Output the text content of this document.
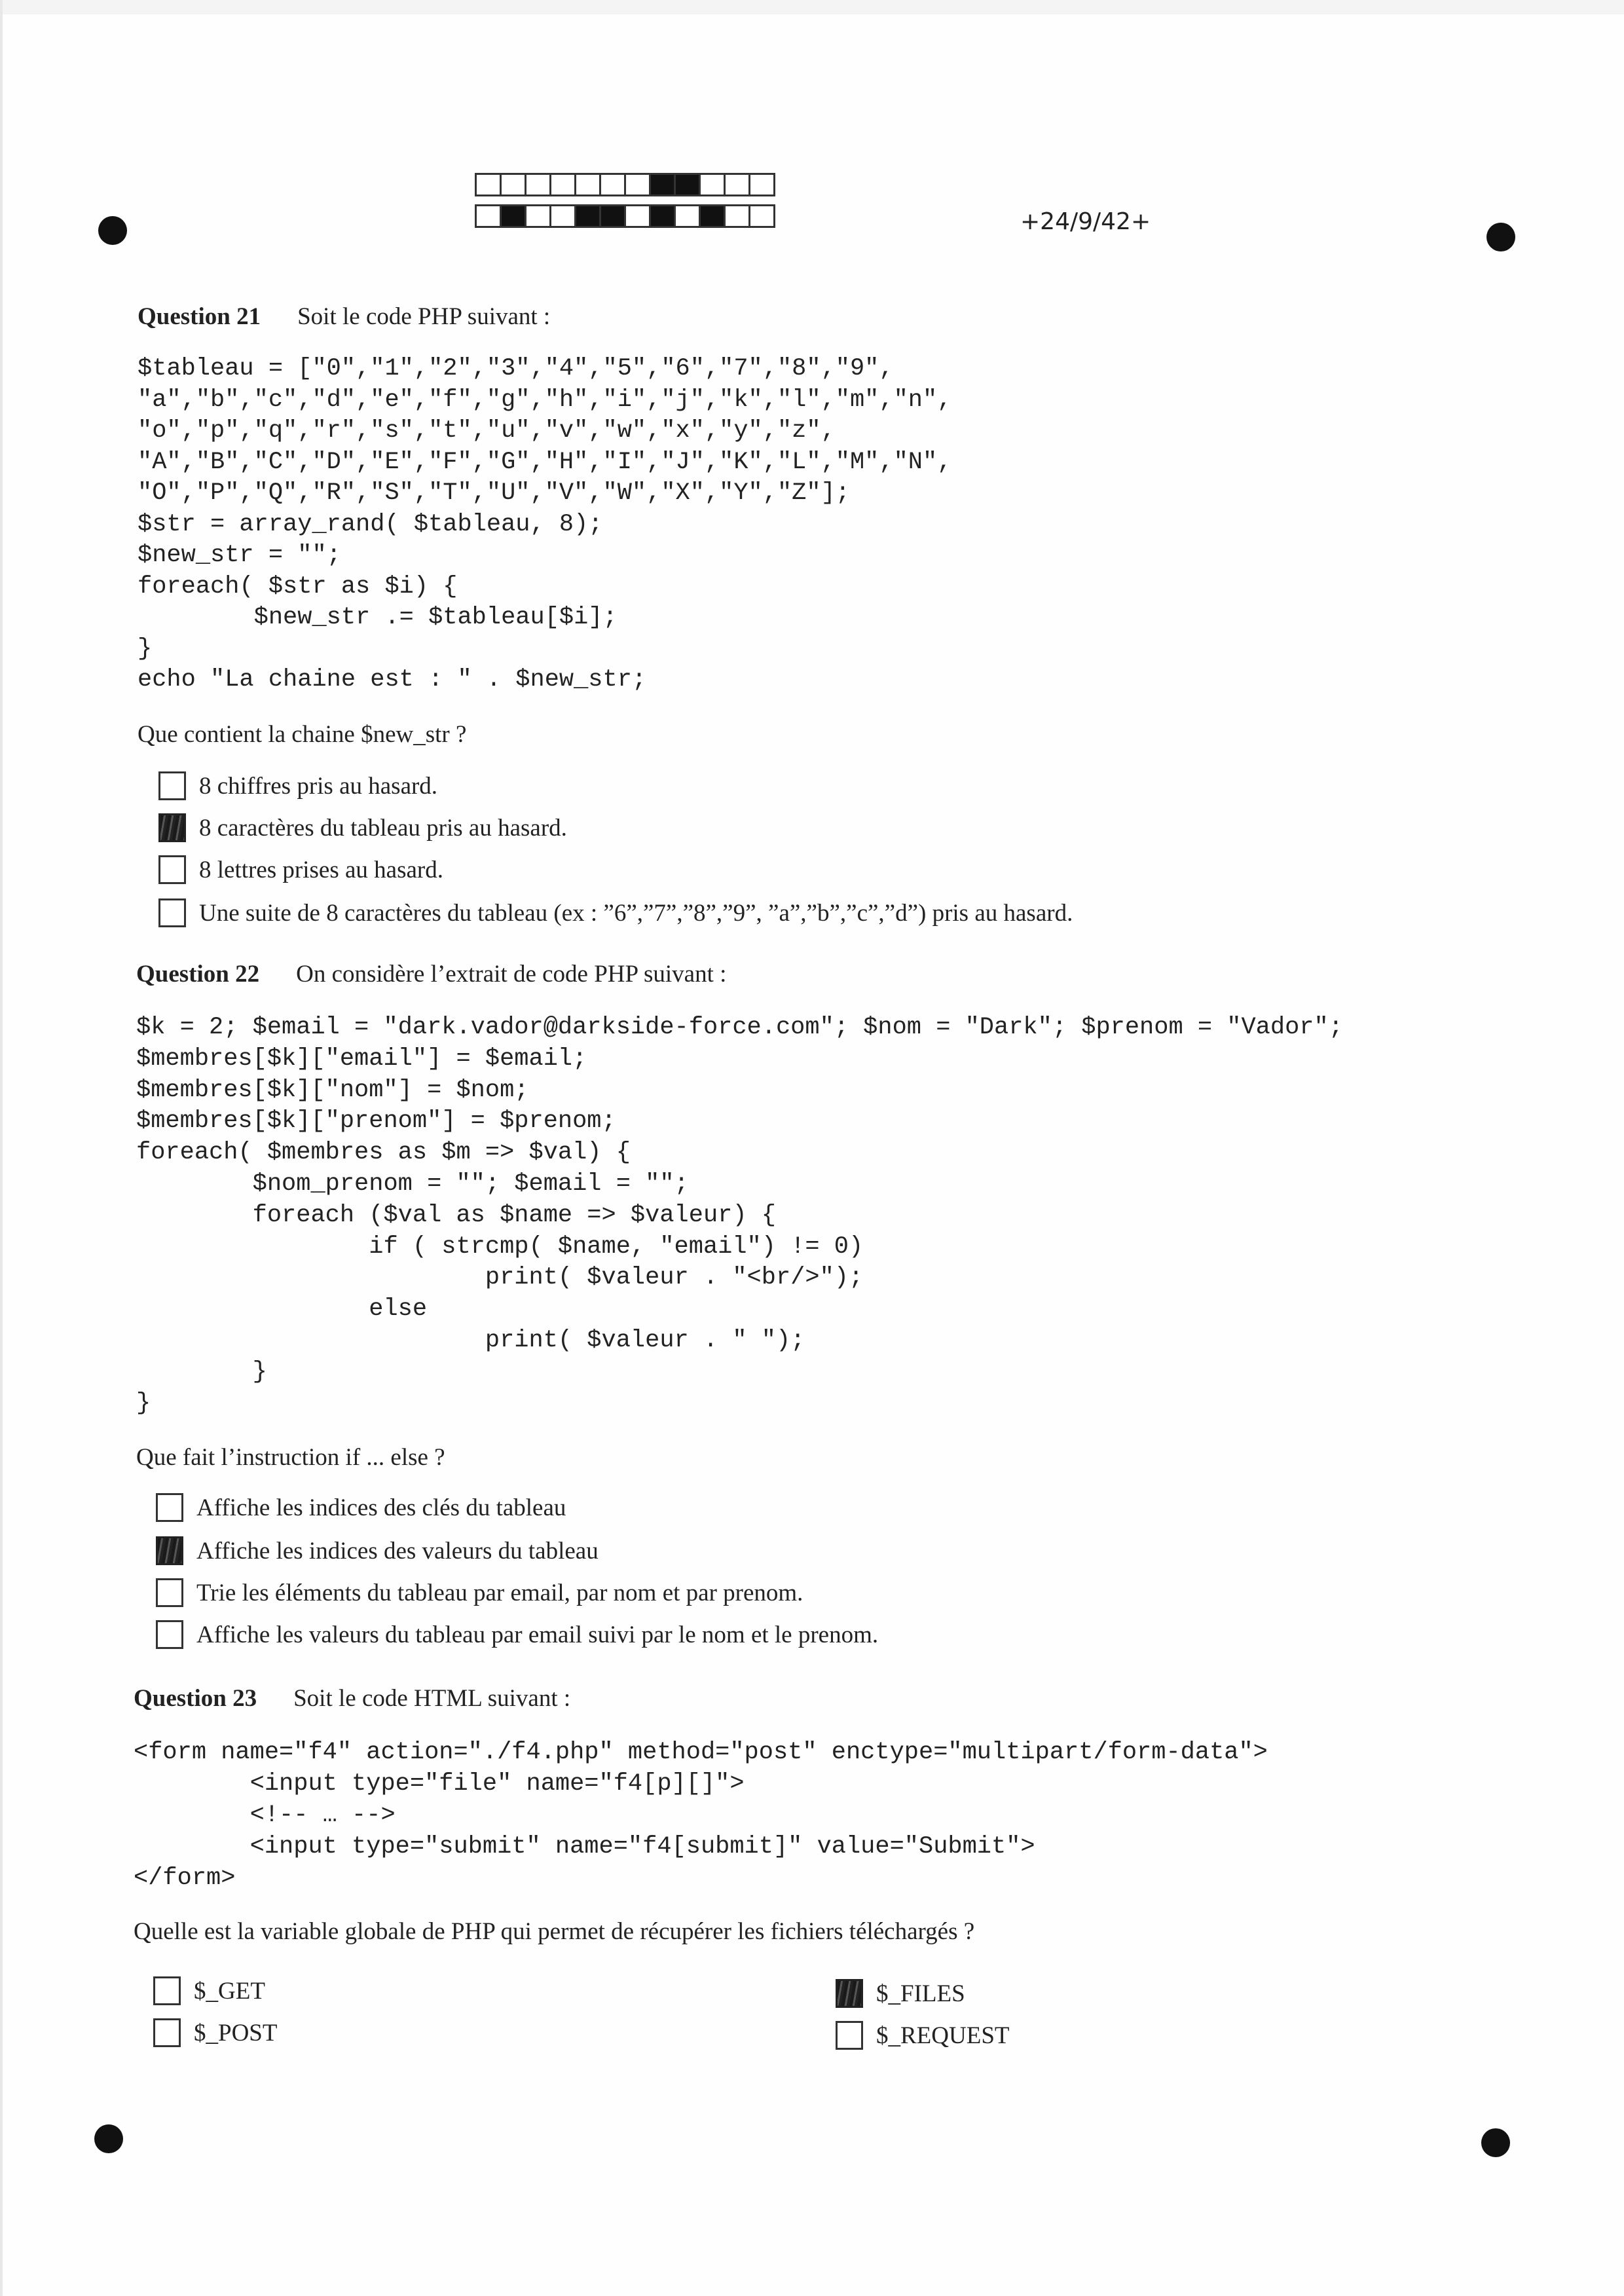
+24/9/42+
Question 21 Soit le code PHP suivant :
$tableau = ["0","1","2","3","4","5","6","7","8","9",
"a","b","c","d","e","f","g","h","i","j","k","l","m","n",
"o","p","q","r","s","t","u","v","w","x","y","z",
"A","B","C","D","E","F","G","H","I","J","K","L","M","N",
"O","P","Q","R","S","T","U","V","W","X","Y","Z"];
$str = array_rand( $tableau, 8);
$new_str = "";
foreach( $str as $i) {
$new_str .= $tableau[$i];
}
echo "La chaine est : " . $new_str;
Que contient la chaine $new_str ?
8 chiffres pris au hasard.
8 caractères du tableau pris au hasard.
8 lettres prises au hasard.
Une suite de 8 caractères du tableau (ex : ”6”,”7”,”8”,”9”, ”a”,”b”,”c”,”d”) pris au hasard.
Question 22 On considère l’extrait de code PHP suivant :
$k = 2; $email = "dark.vador@darkside-force.com"; $nom = "Dark"; $prenom = "Vador";
$membres[$k]["email"] = $email;
$membres[$k]["nom"] = $nom;
$membres[$k]["prenom"] = $prenom;
foreach( $membres as $m => $val) {
$nom_prenom = ""; $email = "";
foreach ($val as $name => $valeur) {
if ( strcmp( $name, "email") != 0)
print( $valeur . "<br/>");
else
print( $valeur . " ");
}
}
Que fait l’instruction if ... else ?
Affiche les indices des clés du tableau
Affiche les indices des valeurs du tableau
Trie les éléments du tableau par email, par nom et par prenom.
Affiche les valeurs du tableau par email suivi par le nom et le prenom.
Question 23 Soit le code HTML suivant :
<form name="f4" action="./f4.php" method="post" enctype="multipart/form-data">
<input type="file" name="f4[p][]">
<!-- … -->
<input type="submit" name="f4[submit]" value="Submit">
</form>
Quelle est la variable globale de PHP qui permet de récupérer les fichiers téléchargés ?
$_GET
$_POST
$_FILES
$_REQUEST
